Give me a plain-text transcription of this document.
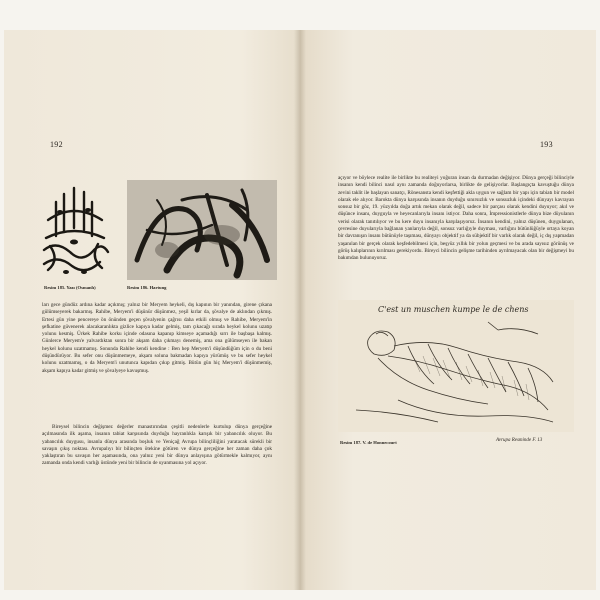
192
Resim 185. Yazı (Osmanlı)	Resim 186. Hartung

ları gece gündüz ardına kadar açıkmış; yalnız bir Meryem heykeli, dış kapının bir yanından, girene çıkana gülümseyerek bakarmış. Rahibe, Meryem'i düşünür düşünmez, yeşil kırlar da, şövalye de aklından çıkmış. Ertesi gün yine pencereye ön önünden geçen şövalyenin çağrısı daha etkili olmuş ve Rahibe, Meryem'in şefkatine güvenerek alacakaranlıkta gizlice kapıya kadar gelmiş, tam çıkacağı sırada heykel kolunu uzatıp yolunu kesmiş. Ürkek Rahibe korku içinde odasına kapanıp kimseye açamadığı sırrı ile başbaşa kalmış. Günlerce Meryem'e yalvardıktan sonra bir akşam daha çıkmayı denemiş, ama ona gülümseyen ile bakan heykel kolunu uzatmamış. Sonunda Rahibe kendi kendine : Ben hep Meryem'i düşündüğüm için o du beni düşündürüyor. Bu sefer onu düşünmemeye, akşam soluna bakmadan kapıya yürümüş ve bu sefer heykel kolunu uzatmamış, o da Meryem'i unutunca kapıdan çıkıp gitmiş. Bütün gün hiç Meryem'i düşünmemiş, akşam kapıya kadar gitmiş ve şövalyeye kavuşmuş.

Bireysel bilincin değişmez değerler manastırından çeşitli nedenlerle kurtulup dünya gerçeğine açılmasında ilk aşama, insanın tabiat karşısında duyduğu hayranlıkla karışık bir yabancılık oluyor. Bu yabancılık duygusu, insanla dünya arasında boşluk ve Yeniçağ Avrupa bilinçliliğini yaratacak sürekli bir savaşın çıkış noktası. Avrupalıyı bir bilinçten ötekine götüren ve dünya gerçeğine her zaman daha çok yaklaştıran bu savaşın her aşamasında, ona yalnız yeni bir dünya anlayışına götürmekle kalmıyor, aynı zamanda onda kendi varlığı üstünde yeni bir bilincin de uyanmasına yol açıyor.

193

açıyor ve böylece realite ile birlikte bu realiteyi yoğuran insan da durmadan değişiyor. Dünya gerçeği bilinciyle insanın kendi bilinci nasıl aynı zamanda doğuyorlarsa, birlikte de gelişiyorlar. Başlangıçta kavuştuğu dünya zevini taklit ile başlayan sanatçı, Rönesansta kendi keşfettiği akla uygun ve sağlam bir yapı için tabiatı bir model olarak ele alıyor. Barokta dünya karşısında insanın duyduğu sınırsızlık ve sonsuzluk içindeki dünyayı kavrayan sonsuz bir göz, 19. yüzyılda doğa artık mekan olarak değil, sadece bir parçası olarak kendini duyuyor; akıl ve düşünce insanı, duyguyla ve heyecanlarıyla insanı istiyor. Daha sonra, İmpressionistlerle dünya bize düyulanın verisi olarak tanıtılıyor ve bu kere duyu insanıyla karşılaşıyoruz. İnsanın kendini, yalnız düşünen, duygulanan, çevresine duyularıyla bağlanan yanlarıyla değil, sonsuz varlığıyle duyması, varlığını bütünlüğüyle ortaya koyan bir davranışın insanı bütünüyle taşıması, dünyayı objektif ya da sübjektif bir varlık olarak değil, iç dış yapmadan yaşanılan bir gerçek olarak keşfedebilmesi için, beşyüz yıllık bir yolun geçmesi ve bu arada sayısız görünüş ve görüş kalıplarının kırılması gerekiyordu. Bireyci bilincin gelişme tarihinden ayrılmayacak olan bir değişmeyi bu bakımdan bulunuyoruz.

C'est un muschen kumpe le de chens
Resim 187. V. de Honnecourt	Avrupa Resminde F. 13
